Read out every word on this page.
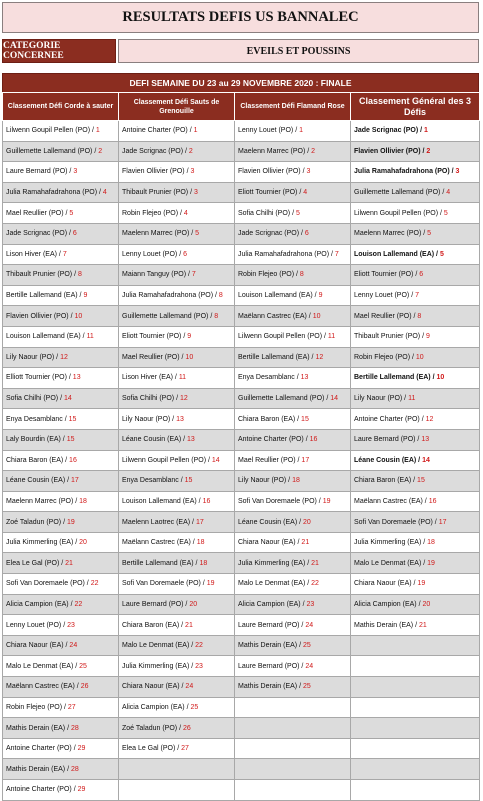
RESULTATS DEFIS US BANNALEC
CATEGORIE CONCERNEE	EVEILS ET POUSSINS
DEFI SEMAINE DU 23 au 29 NOVEMBRE 2020 : FINALE
Classement Défi Corde à sauter	Classement Défi Sauts de Grenouille	Classement Défi Flamand Rose	Classement Général des 3 Défis
Lilwenn Goupil Pellen (PO) / 1	Antoine Charter (PO) / 1	Lenny Louet (PO) / 1	Jade Scrignac (PO) / 1
Guillemette Lallemand (PO) / 2	Jade Scrignac (PO) / 2	Maelenn Marrec (PO) / 2	Flavien Ollivier (PO) / 2
Laure Bernard (PO) / 3	Flavien Ollivier (PO) / 3	Flavien Ollivier (PO) / 3	Julia Ramahafadrahona (PO) / 3
Julia Ramahafadrahona (PO) / 4	Thibault Prunier (PO) / 3	Eliott Tournier (PO) / 4	Guillemette Lallemand (PO) / 4
Mael Reullier (PO) / 5	Robin Flejeo (PO) / 4	Sofia Chilhi (PO) / 5	Lilwenn Goupil Pellen (PO) / 5
Jade Scrignac (PO) / 6	Maelenn Marrec (PO) / 5	Jade Scrignac (PO) / 6	Maelenn Marrec (PO) / 5
Lison Hiver (EA) / 7	Lenny Louet (PO) / 6	Julia Ramahafadrahona (PO) / 7	Louison Lallemand (EA) / 5
Thibault Prunier (PO) / 8	Maiann Tanguy (PO) / 7	Robin Flejeo (PO) / 8	Eliott Tournier (PO) / 6
Bertille Lallemand (EA) / 9	Julia Ramahafadrahona (PO) / 8	Louison Lallemand (EA) / 9	Lenny Louet (PO) / 7
Flavien Ollivier (PO) / 10	Guillemette Lallemand (PO) / 8	Maëlann Castrec (EA) / 10	Mael Reullier (PO) / 8
Louison Lallemand (EA) / 11	Eliott Tournier (PO) / 9	Lilwenn Goupil Pellen (PO) / 11	Thibault Prunier (PO) / 9
Lily Naour (PO) / 12	Mael Reullier (PO) / 10	Bertille Lallemand (EA) / 12	Robin Flejeo (PO) / 10
Elliott Tournier (PO) / 13	Lison Hiver (EA) / 11	Enya Desamblanc / 13	Bertille Lallemand (EA) / 10
Sofia Chilhi (PO) / 14	Sofia Chilhi (PO) / 12	Guillemette Lallemand (PO) / 14	Lily Naour (PO) / 11
Enya Desamblanc / 15	Lily Naour (PO) / 13	Chiara Baron (EA) / 15	Antoine Charter (PO) / 12
Laly Bourdin (EA) / 15	Léane Cousin (EA) / 13	Antoine Charter (PO) / 16	Laure Bernard (PO) / 13
Chiara Baron (EA) / 16	Lilwenn Goupil Pellen (PO) / 14	Mael Reullier (PO) / 17	Léane Cousin (EA) / 14
Léane Cousin (EA) / 17	Enya Desamblanc / 15	Lily Naour (PO) / 18	Chiara Baron (EA) / 15
Maelenn Marrec (PO) / 18	Louison Lallemand (EA) / 16	Sofi Van Doremaele (PO) / 19	Maëlann Castrec (EA) / 16
Zoé Taladun (PO) / 19	Maelenn Laotrec (EA) / 17	Léane Cousin (EA) / 20	Sofi Van Doremaele (PO) / 17
Julia Kimmerling (EA) / 20	Maëlann Castrec (EA) / 18	Chiara Naour (EA) / 21	Julia Kimmerling (EA) / 18
Elea Le Gal (PO) / 21	Bertille Lallemand (EA) / 18	Julia Kimmerling (EA) / 21	Malo Le Denmat (EA) / 19
Sofi Van Doremaele (PO) / 22	Sofi Van Doremaele (PO) / 19	Malo Le Denmat (EA) / 22	Chiara Naour (EA) / 19
Alicia Campion (EA) / 22	Laure Bernard (PO) / 20	Alicia Campion (EA) / 23	Alicia Campion (EA) / 20
Lenny Louet (PO) / 23	Chiara Baron (EA) / 21	Laure Bernard (PO) / 24	Mathis Derain (EA) / 21
Chiara Naour (EA) / 24	Malo Le Denmat (EA) / 22	Mathis Derain (EA) / 25	
Malo Le Denmat (EA) / 25	Julia Kimmerling (EA) / 23	Laure Bernard (PO) / 24	
Maëlann Castrec (EA) / 26	Chiara Naour (EA) / 24	Mathis Derain (EA) / 25	
Robin Flejeo (PO) / 27	Alicia Campion (EA) / 25		
Mathis Derain (EA) / 28	Zoé Taladun (PO) / 26		
Antoine Charter (PO) / 29	Elea Le Gal (PO) / 27		
Mathis Derain (EA) / 28			
Antoine Charter (PO) / 29			
